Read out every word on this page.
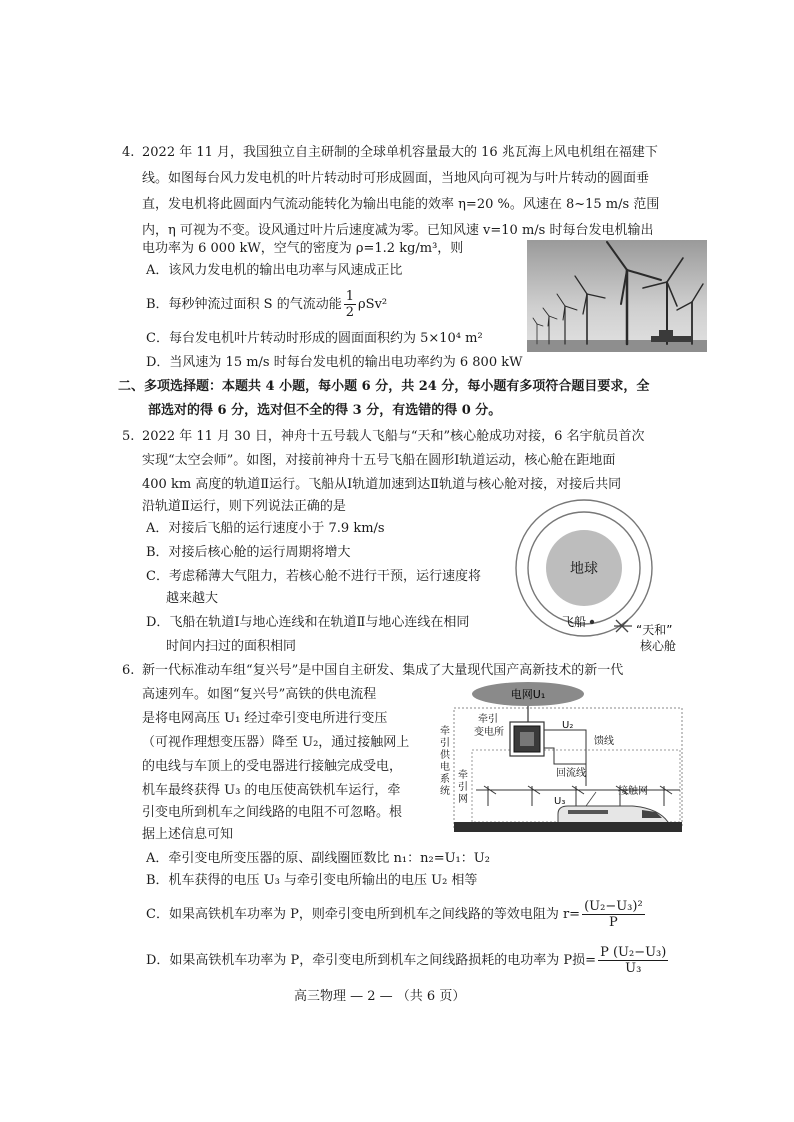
4. 2022 年 11 月，我国独立自主研制的全球单机容量最大的 16 兆瓦海上风电机组在福建下
线。如图每台风力发电机的叶片转动时可形成圆面，当地风向可视为与叶片转动的圆面垂
直，发电机将此圆面内气流动能转化为输出电能的效率 η=20 %。风速在 8~15 m/s 范围
内，η 可视为不变。设风通过叶片后速度减为零。已知风速 v=10 m/s 时每台发电机输出
电功率为 6 000 kW，空气的密度为 ρ=1.2 kg/m³，则
A．该风力发电机的输出电功率与风速成正比
B．每秒钟流过面积 S 的气流动能 $\frac{1}{2} \rho Sv^2$
C．每台发电机叶片转动时形成的圆面面积约为 5×10⁴ m²
D．当风速为 15 m/s 时每台发电机的输出电功率约为 6 800 kW
二、多项选择题：本题共 4 小题，每小题 6 分，共 24 分，每小题有多项符合题目要求，全
部选对的得 6 分，选对但不全的得 3 分，有选错的得 0 分。
5. 2022 年 11 月 30 日，神舟十五号载人飞船与“天和”核心舱成功对接，6 名宇航员首次
实现“太空会师”。如图，对接前神舟十五号飞船在圆形Ⅰ轨道运动，核心舱在距地面
400 km 高度的轨道Ⅱ运行。飞船从Ⅰ轨道加速到达Ⅱ轨道与核心舱对接，对接后共同
沿轨道Ⅱ运行，则下列说法正确的是
A．对接后飞船的运行速度小于 7.9 km/s
B．对接后核心舱的运行周期将增大
C．考虑稀薄大气阻力，若核心舱不进行干预，运行速度将
越来越大
D．飞船在轨道Ⅰ与地心连线和在轨道Ⅱ与地心连线在相同
时间内扫过的面积相同
地球
飞船
“天和”
核心舱
6. 新一代标准动车组“复兴号”是中国自主研发、集成了大量现代国产高新技术的新一代
高速列车。如图“复兴号”高铁的供电流程
是将电网高压 U₁ 经过牵引变电所进行变压
（可视作理想变压器）降至 U₂，通过接触网上
的电线与车顶上的受电器进行接触完成受电，
机车最终获得 U₃ 的电压使高铁机车运行，牵
引变电所到机车之间线路的电阻不可忽略。根
据上述信息可知
A．牵引变电所变压器的原、副线圈匝数比 n₁：n₂=U₁：U₂
B．机车获得的电压 U₃ 与牵引变电所输出的电压 U₂ 相等
C．如果高铁机车功率为 P，则牵引变电所到机车之间线路的等效电阻为 $r= \frac{\text{(U₂−U₃)²}}{P}$
D．如果高铁机车功率为 P，牵引变电所到机车之间线路损耗的电功率为 P损= $\frac{\text{P (U₂−U₃)}}{\text{U₃}}$
电网U₁
牵引
变电所
U₂
馈线
回流线
接触网
U₃
牵
引
供
电
系
统
牵
引
网
高三物理 — 2 — （共 6 页）
